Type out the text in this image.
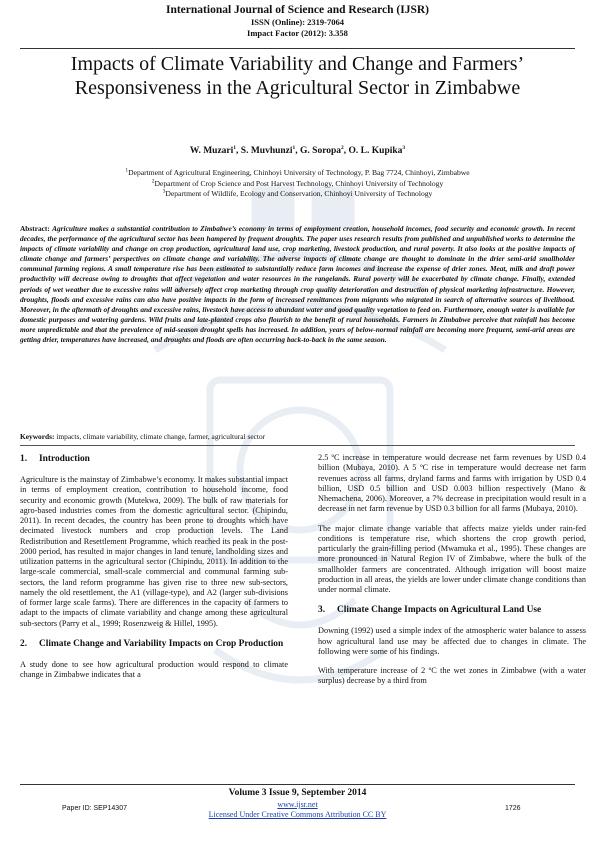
International Journal of Science and Research (IJSR)
ISSN (Online): 2319-7064
Impact Factor (2012): 3.358
Impacts of Climate Variability and Change and Farmers’ Responsiveness in the Agricultural Sector in Zimbabwe
W. Muzari$^1$, S. Muvhunzi$^1$, G. Soropa$^2$, O. L. Kupika$^3$
$^1$Department of Agricultural Engineering, Chinhoyi University of Technology, P. Bag 7724, Chinhoyi, Zimbabwe
$^2$Department of Crop Science and Post Harvest Technology, Chinhoyi University of Technology
$^3$Department of Wildlife, Ecology and Conservation, Chinhoyi University of Technology
Abstract: Agriculture makes a substantial contribution to Zimbabwe’s economy in terms of employment creation, household incomes, food security and economic growth. In recent decades, the performance of the agricultural sector has been hampered by frequent droughts. The paper uses research results from published and unpublished works to determine the impacts of climate variability and change on crop production, agricultural land use, crop marketing, livestock production, and rural poverty. It also looks at the positive impacts of climate change and farmers’ perspectives on climate change and variability. The adverse impacts of climate change are thought to dominate in the drier semi-arid smallholder communal farming regions. A small temperature rise has been estimated to substantially reduce farm incomes and increase the expense of drier zones. Meat, milk and draft power productivity will decrease owing to droughts that affect vegetation and water resources in the rangelands. Rural poverty will be exacerbated by climate change. Finally, extended periods of wet weather due to excessive rains will adversely affect crop marketing through crop quality deterioration and destruction of physical marketing infrastructure. However, droughts, floods and excessive rains can also have positive impacts in the form of increased remittances from migrants who migrated in search of alternative sources of livelihood. Moreover, in the aftermath of droughts and excessive rains, livestock have access to abundant water and good quality vegetation to feed on. Furthermore, enough water is available for domestic purposes and watering gardens. Wild fruits and late-planted crops also flourish to the benefit of rural households. Farmers in Zimbabwe perceive that rainfall has become more unpredictable and that the prevalence of mid-season drought spells has increased. In addition, years of below-normal rainfall are becoming more frequent, semi-arid areas are getting drier, temperatures have increased, and droughts and floods are often occurring back-to-back in the same season.
Keywords: impacts, climate variability, climate change, farmer, agricultural sector
1. Introduction

Agriculture is the mainstay of Zimbabwe’s economy. It makes substantial impact in terms of employment creation, contribution to household income, food security and economic growth (Mutekwa, 2009). The bulk of raw materials for agro-based industries comes from the domestic agricultural sector. (Chipindu, 2011). In recent decades, the country has been prone to droughts which have decimated livestock numbers and crop production levels. The Land Redistribution and Resettlement Programme, which reached its peak in the post-2000 period, has resulted in major changes in land tenure, landholding sizes and utilization patterns in the agricultural sector (Chipindu, 2011). In addition to the large-scale commercial, small-scale commercial and communal farming sub-sectors, the land reform programme has given rise to three new sub-sectors, namely the old resettlement, the A1 (village-type), and A2 (larger sub-divisions of former large scale farms). There are differences in the capacity of farmers to adapt to the impacts of climate variability and change among these agricultural sub-sectors (Parry et al., 1999; Rosenzweig & Hillel, 1995).

2. Climate Change and Variability Impacts on Crop Production

A study done to see how agricultural production would respond to climate change in Zimbabwe indicates that a

2.5 ºC increase in temperature would decrease net farm revenues by USD 0.4 billion (Mubaya, 2010). A 5 ºC rise in temperature would decrease net farm revenues across all farms, dryland farms and farms with irrigation by USD 0.4 billion, USD 0.5 billion and USD 0.003 billion respectively (Mano & Nhemachena, 2006). Moreover, a 7% decrease in precipitation would result in a decrease in net farm revenue by USD 0.3 billion for all farms (Mubaya, 2010).

The major climate change variable that affects maize yields under rain-fed conditions is temperature rise, which shortens the crop growth period, particularly the grain-filling period (Mwamuka et al., 1995). These changes are more pronounced in Natural Region IV of Zimbabwe, where the bulk of the smallholder farmers are concentrated. Although irrigation will boost maize production in all areas, the yields are lower under climate change conditions than under normal climate.

3. Climate Change Impacts on Agricultural Land Use

Downing (1992) used a simple index of the atmospheric water balance to assess how agricultural land use may be affected due to changes in climate. The following were some of his findings.

With temperature increase of 2 ºC the wet zones in Zimbabwe (with a water surplus) decrease by a third from

Volume 3 Issue 9, September 2014
www.ijsr.net
Licensed Under Creative Commons Attribution CC BY
Paper ID: SEP14307	1726
